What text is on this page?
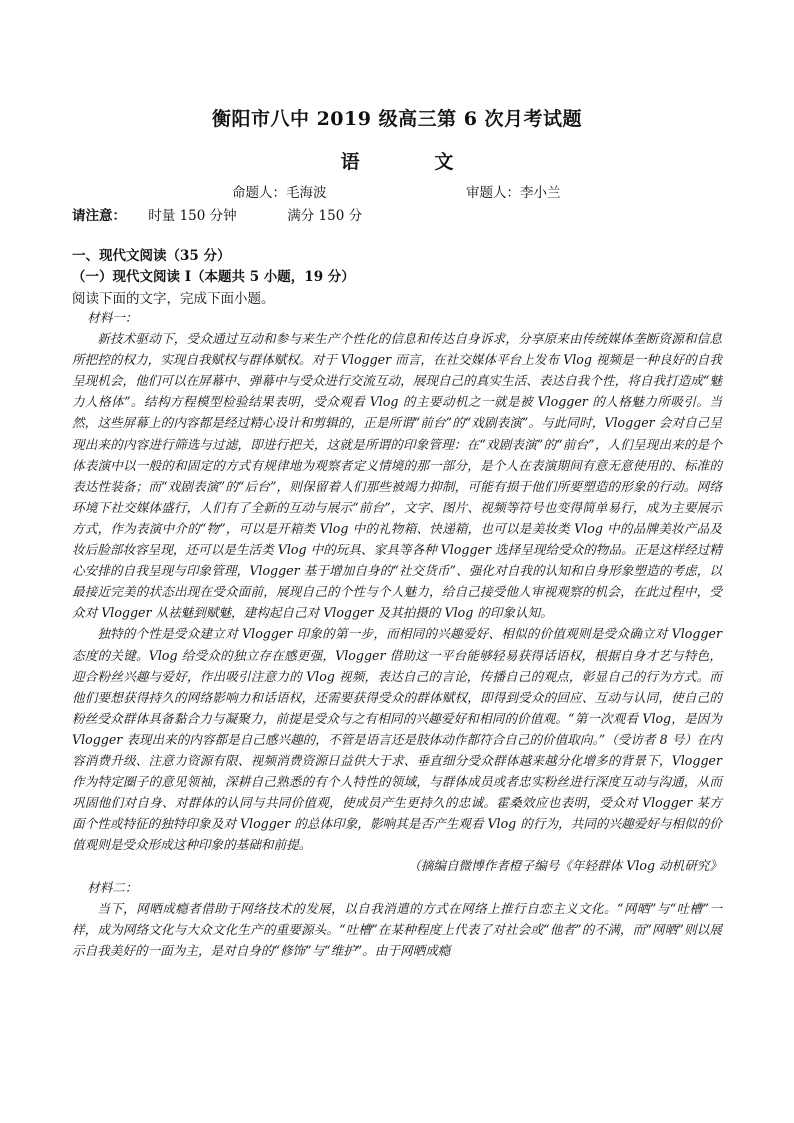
衡阳市八中 2019 级高三第 6 次月考试题
语	文
命题人：毛海波	审题人：李小兰
请注意： 时量 150 分钟	满分 150 分
一、现代文阅读（35 分）
（一）现代文阅读 I（本题共 5 小题，19 分）
阅读下面的文字，完成下面小题。

材料一：

新技术驱动下，受众通过互动和参与来生产个性化的信息和传达自身诉求，分享原来由传统媒体垄断资源和信息所把控的权力，实现自我赋权与群体赋权。对于 Vlogger 而言，在社交媒体平台上发布 Vlog 视频是一种良好的自我呈现机会，他们可以在屏幕中、弹幕中与受众进行交流互动，展现自己的真实生活、表达自我个性，将自我打造成“魅力人格体”。结构方程模型检验结果表明，受众观看 Vlog 的主要动机之一就是被 Vlogger 的人格魅力所吸引。当然，这些屏幕上的内容都是经过精心设计和剪辑的，正是所谓“前台”的“戏剧表演”。与此同时，Vlogger 会对自己呈现出来的内容进行筛选与过滤，即进行把关，这就是所谓的印象管理：在“戏剧表演”的“前台”，人们呈现出来的是个体表演中以一般的和固定的方式有规律地为观察者定义情境的那一部分，是个人在表演期间有意无意使用的、标准的表达性装备；而“戏剧表演”的“后台”，则保留着人们那些被竭力抑制，可能有损于他们所要塑造的形象的行动。网络环境下社交媒体盛行，人们有了全新的互动与展示“前台”，文字、图片、视频等符号也变得简单易行，成为主要展示方式，作为表演中介的“物”，可以是开箱类 Vlog 中的礼物箱、快递箱，也可以是美妆类 Vlog 中的品牌美妆产品及妆后脸部妆容呈现，还可以是生活类 Vlog 中的玩具、家具等各种 Vlogger 选择呈现给受众的物品。正是这样经过精心安排的自我呈现与印象管理，Vlogger 基于增加自身的“社交货币”、强化对自我的认知和自身形象塑造的考虑，以最接近完美的状态出现在受众面前，展现自己的个性与个人魅力，给自己接受他人审视观察的机会，在此过程中，受众对 Vlogger 从祛魅到赋魅，建构起自己对 Vlogger 及其拍摄的 Vlog 的印象认知。

独特的个性是受众建立对 Vlogger 印象的第一步，而相同的兴趣爱好、相似的价值观则是受众确立对 Vlogger 态度的关键。Vlog 给受众的独立存在感更强，Vlogger 借助这一平台能够轻易获得话语权，根据自身才艺与特色，迎合粉丝兴趣与爱好，作出吸引注意力的 Vlog 视频，表达自己的言论，传播自己的观点，彰显自己的行为方式。而他们要想获得持久的网络影响力和话语权，还需要获得受众的群体赋权，即得到受众的回应、互动与认同，使自己的粉丝受众群体具备黏合力与凝聚力，前提是受众与之有相同的兴趣爱好和相同的价值观。“第一次观看 Vlog，是因为 Vlogger 表现出来的内容都是自己感兴趣的，不管是语言还是肢体动作都符合自己的价值取向。”（受访者 8 号）在内容消费升级、注意力资源有限、视频消费资源日益供大于求、垂直细分受众群体越来越分化增多的背景下，Vlogger 作为特定圈子的意见领袖，深耕自己熟悉的有个人特性的领域，与群体成员或者忠实粉丝进行深度互动与沟通，从而巩固他们对自身、对群体的认同与共同价值观，使成员产生更持久的忠诚。霍桑效应也表明，受众对 Vlogger 某方面个性或特征的独特印象及对 Vlogger 的总体印象，影响其是否产生观看 Vlog 的行为，共同的兴趣爱好与相似的价值观则是受众形成这种印象的基础和前提。

（摘编自微博作者橙子编号《年轻群体 Vlog 动机研究》

材料二：

当下，网晒成瘾者借助于网络技术的发展，以自我消遣的方式在网络上推行自恋主义文化。“网晒”与“吐槽”一样，成为网络文化与大众文化生产的重要源头。“吐槽”在某种程度上代表了对社会或“他者”的不满，而“网晒”则以展示自我美好的一面为主，是对自身的“修饰”与“维护”。由于网晒成瘾
